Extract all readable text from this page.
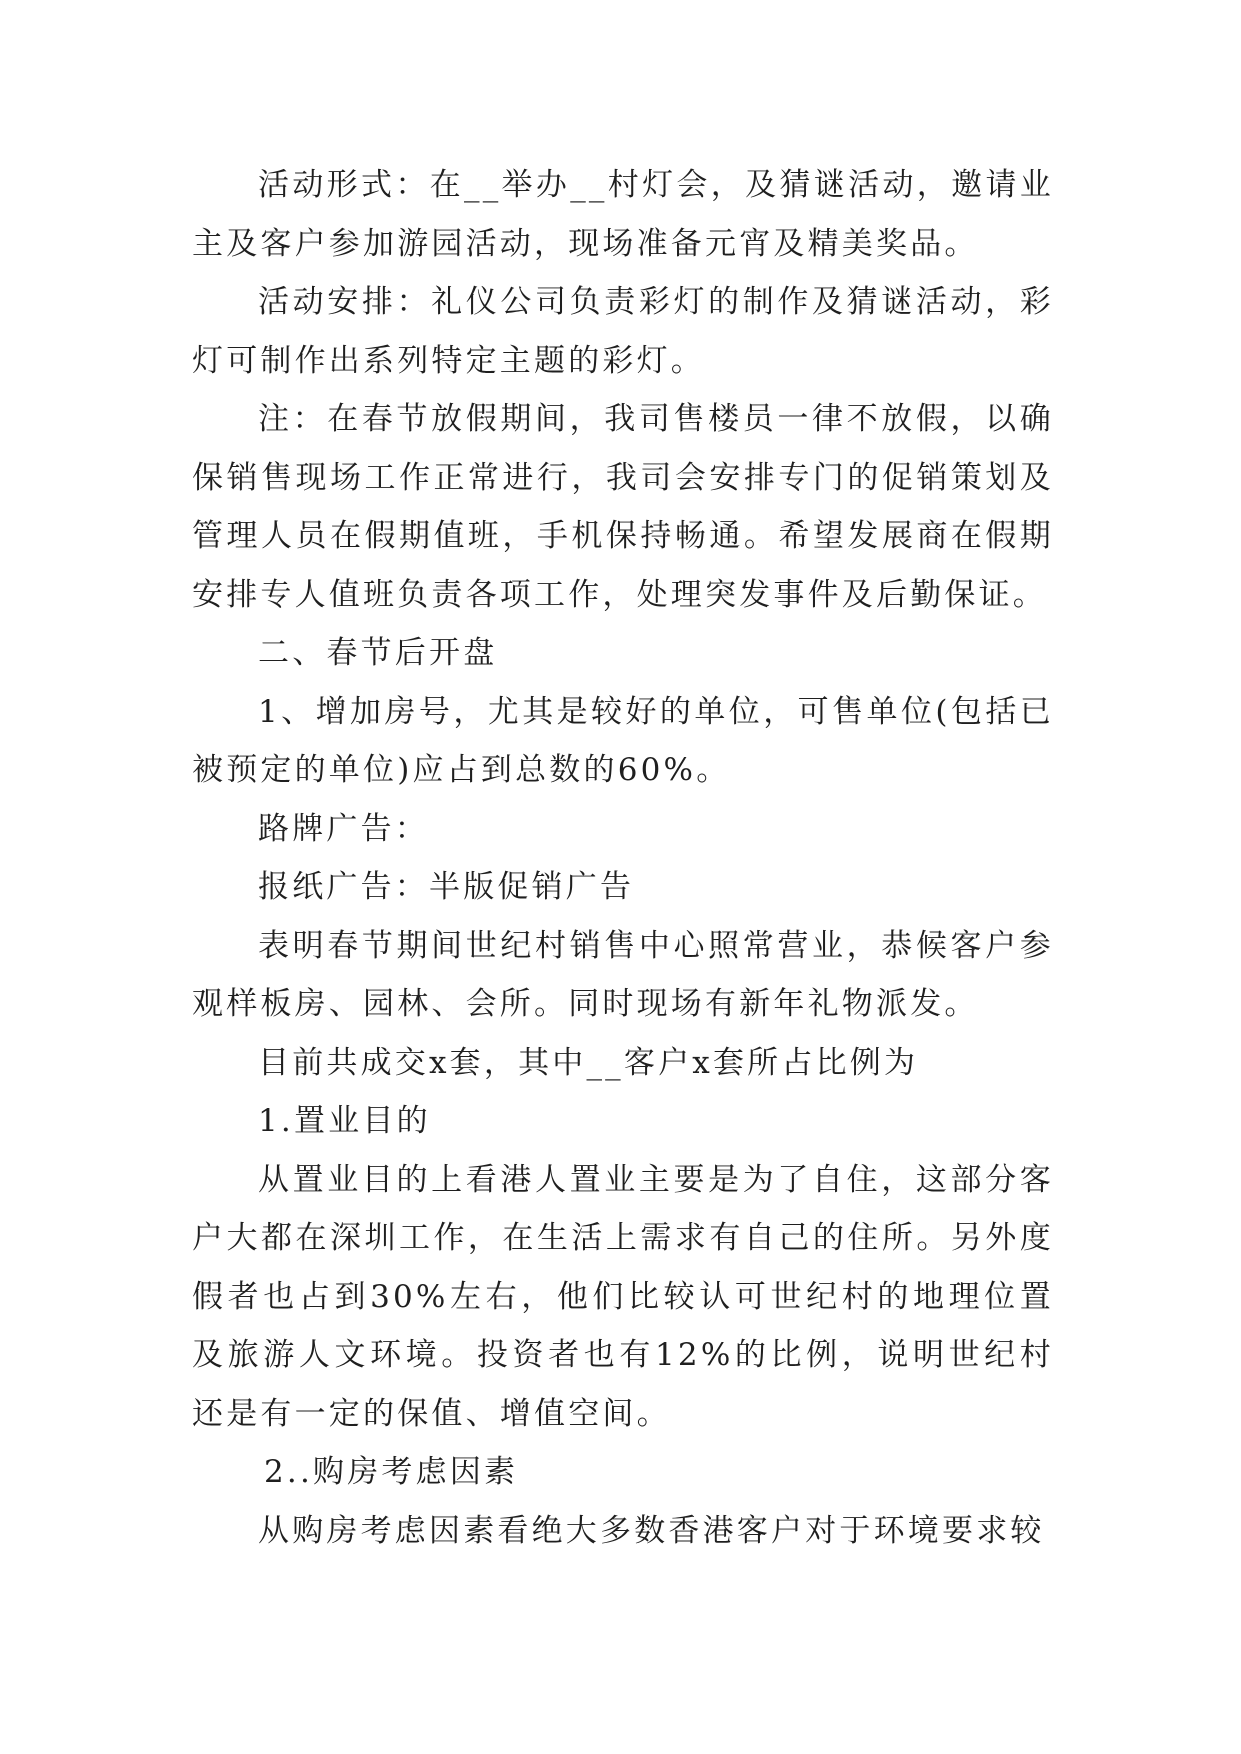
活动形式：在__举办__村灯会，及猜谜活动，邀请业主及客户参加游园活动，现场准备元宵及精美奖品。

活动安排：礼仪公司负责彩灯的制作及猜谜活动，彩灯可制作出系列特定主题的彩灯。

注：在春节放假期间，我司售楼员一律不放假，以确保销售现场工作正常进行，我司会安排专门的促销策划及管理人员在假期值班，手机保持畅通。希望发展商在假期安排专人值班负责各项工作，处理突发事件及后勤保证。

二、春节后开盘

1、增加房号，尤其是较好的单位，可售单位(包括已被预定的单位)应占到总数的60%。

路牌广告：

报纸广告：半版促销广告

表明春节期间世纪村销售中心照常营业，恭候客户参观样板房、园林、会所。同时现场有新年礼物派发。

目前共成交x套，其中__客户x套所占比例为

1.置业目的

从置业目的上看港人置业主要是为了自住，这部分客户大都在深圳工作，在生活上需求有自己的住所。另外度假者也占到30%左右，他们比较认可世纪村的地理位置及旅游人文环境。投资者也有12%的比例，说明世纪村还是有一定的保值、增值空间。

2..购房考虑因素

从购房考虑因素看绝大多数香港客户对于环境要求较
